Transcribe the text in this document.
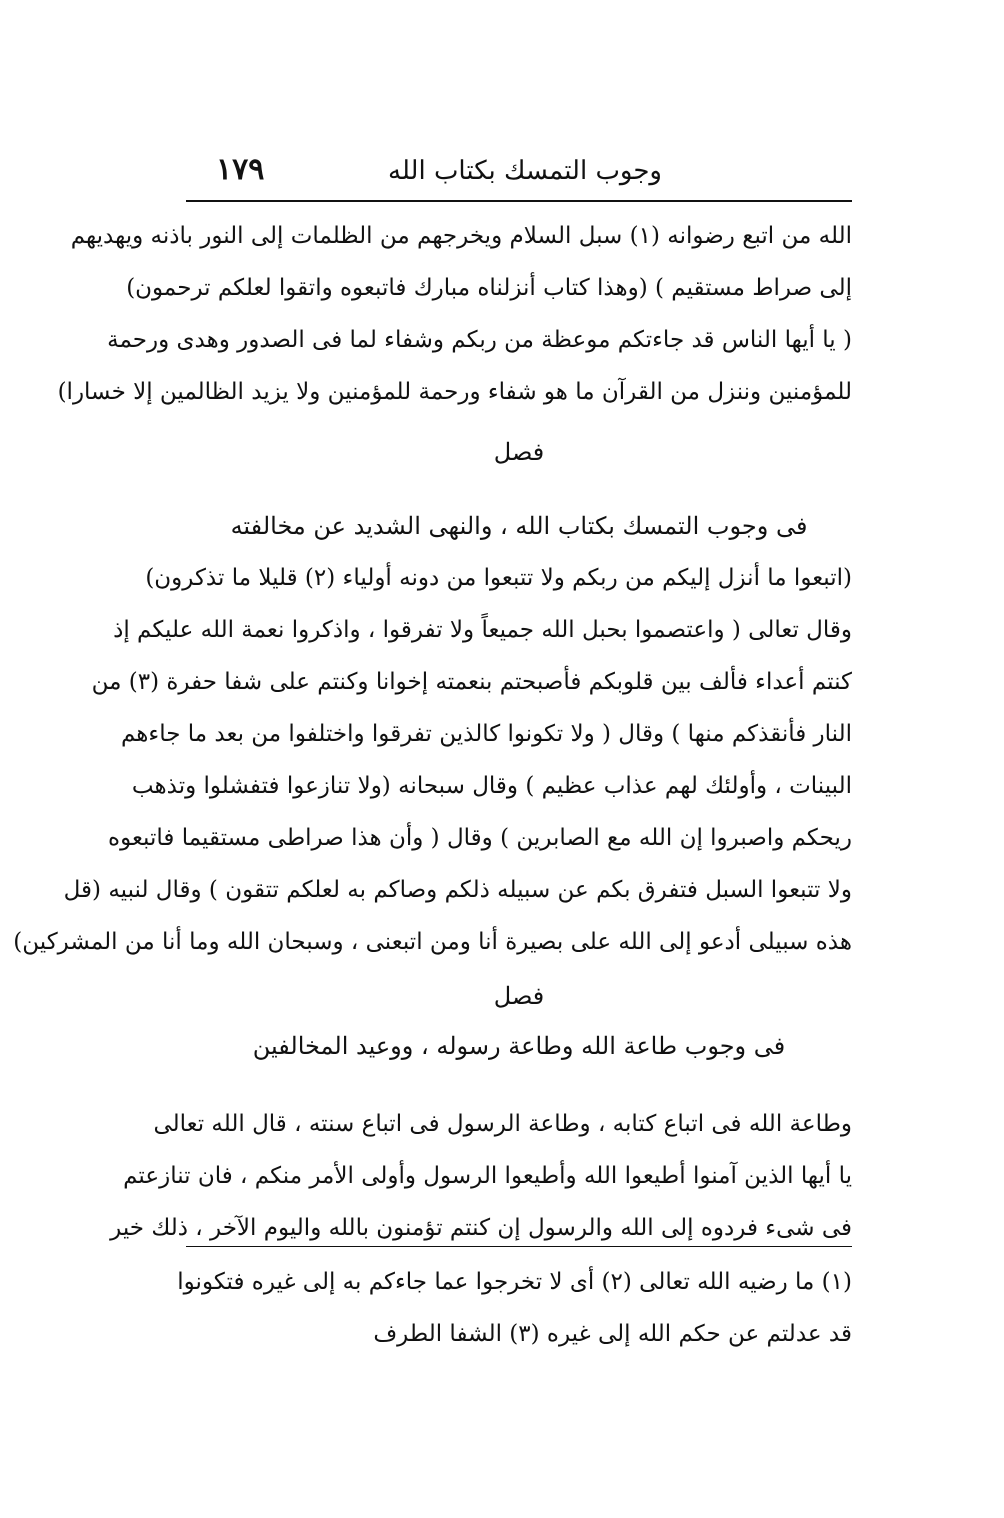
وجوب التمسك بكتاب الله
١٧٩
الله من اتبع رضوانه (١) سبل السلام ويخرجهم من الظلمات إلى النور باذنه ويهديهم
إلى صراط مستقيم ) (وهذا كتاب أنزلناه مبارك فاتبعوه واتقوا لعلكم ترحمون)
( يا أيها الناس قد جاءتكم موعظة من ربكم وشفاء لما فى الصدور وهدى ورحمة
للمؤمنين وننزل من القرآن ما هو شفاء ورحمة للمؤمنين ولا يزيد الظالمين إلا خسارا)
فصل
فى وجوب التمسك بكتاب الله ، والنهى الشديد عن مخالفته
(اتبعوا ما أنزل إليكم من ربكم ولا تتبعوا من دونه أولياء (٢) قليلا ما تذكرون)
وقال تعالى ( واعتصموا بحبل الله جميعاً ولا تفرقوا ، واذكروا نعمة الله عليكم إذ
كنتم أعداء فألف بين قلوبكم فأصبحتم بنعمته إخوانا وكنتم على شفا حفرة (٣) من
النار فأنقذكم منها ) وقال ( ولا تكونوا كالذين تفرقوا واختلفوا من بعد ما جاءهم
البينات ، وأولئك لهم عذاب عظيم ) وقال سبحانه (ولا تنازعوا فتفشلوا وتذهب
ريحكم واصبروا إن الله مع الصابرين ) وقال ( وأن هذا صراطى مستقيما فاتبعوه
ولا تتبعوا السبل فتفرق بكم عن سبيله ذلكم وصاكم به لعلكم تتقون ) وقال لنبيه (قل
هذه سبيلى أدعو إلى الله على بصيرة أنا ومن اتبعنى ، وسبحان الله وما أنا من المشركين)
فصل
فى وجوب طاعة الله وطاعة رسوله ، ووعيد المخالفين
وطاعة الله فى اتباع كتابه ، وطاعة الرسول فى اتباع سنته ، قال الله تعالى
يا أيها الذين آمنوا أطيعوا الله وأطيعوا الرسول وأولى الأمر منكم ، فان تنازعتم
فى شىء فردوه إلى الله والرسول إن كنتم تؤمنون بالله واليوم الآخر ، ذلك خير
(١) ما رضيه الله تعالى (٢) أى لا تخرجوا عما جاءكم به إلى غيره فتكونوا
قد عدلتم عن حكم الله إلى غيره (٣) الشفا الطرف
